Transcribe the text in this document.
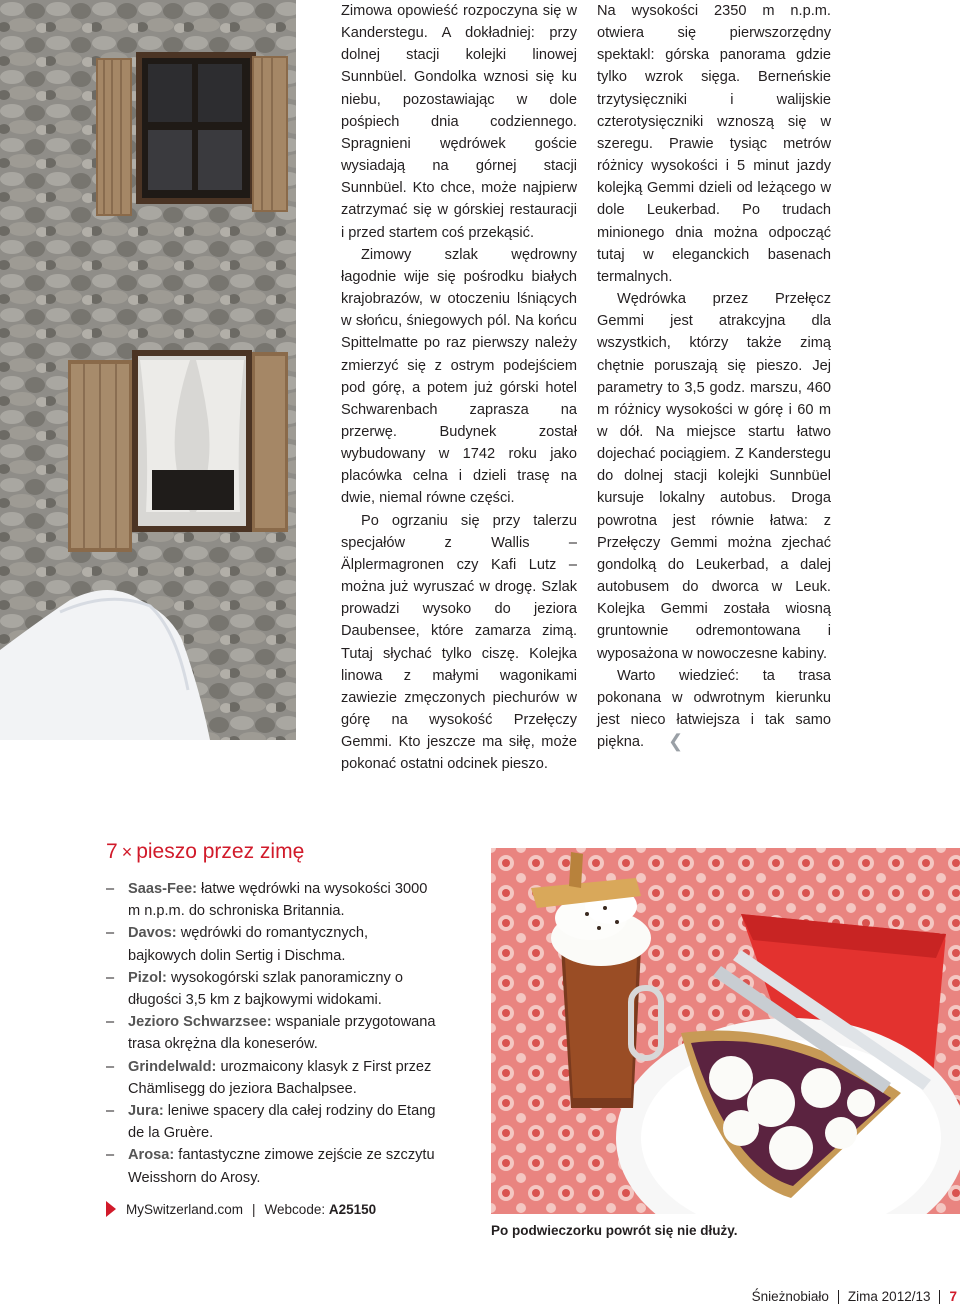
Zimowa opowieść rozpoczyna się w Kanderstegu. A dokładniej: przy dolnej stacji kolejki linowej Sunnbüel. Gondolka wznosi się ku niebu, pozostawiając w dole pośpiech dnia codziennego. Spragnieni wędrówek goście wysiadają na górnej stacji Sunnbüel. Kto chce, może najpierw zatrzymać się w górskiej restauracji i przed startem coś przekąsić.

Zimowy szlak wędrowny łagodnie wije się pośrodku białych krajobrazów, w otoczeniu lśniących w słońcu, śniegowych pól. Na końcu Spittelmatte po raz pierwszy należy zmierzyć się z ostrym podejściem pod górę, a potem już górski hotel Schwarenbach zaprasza na przerwę. Budynek został wybudowany w 1742 roku jako placówka celna i dzieli trasę na dwie, niemal równe części.

Po ogrzaniu się przy talerzu specjałów z Wallis – Älplermagronen czy Kafi Lutz – można już wyruszać w drogę. Szlak prowadzi wysoko do jeziora Daubensee, które zamarza zimą. Tutaj słychać tylko ciszę. Kolejka linowa z małymi wagonikami zawiezie zmęczonych piechurów w górę na wysokość Przełęczy Gemmi. Kto jeszcze ma siłę, może pokonać ostatni odcinek pieszo.

Na wysokości 2350 m n.p.m. otwiera się pierwszorzędny spektakl: górska panorama gdzie tylko wzrok sięga. Berneńskie trzytysięczniki i walijskie czterotysięczniki wznoszą się w szeregu. Prawie tysiąc metrów różnicy wysokości i 5 minut jazdy kolejką Gemmi dzieli od leżącego w dole Leukerbad. Po trudach minionego dnia można odpocząć tutaj w eleganckich basenach termalnych.

Wędrówka przez Przełęcz Gemmi jest atrakcyjna dla wszystkich, którzy także zimą chętnie poruszają się pieszo. Jej parametry to 3,5 godz. marszu, 460 m różnicy wysokości w górę i 60 m w dół. Na miejsce startu łatwo dojechać pociągiem. Z Kanderstegu do dolnej stacji kolejki Sunnbüel kursuje lokalny autobus. Droga powrotna jest równie łatwa: z Przełęczy Gemmi można zjechać gondolką do Leukerbad, a dalej autobusem do dworca w Leuk. Kolejka Gemmi została wiosną gruntownie odremontowana i wyposażona w nowoczesne kabiny.

Warto wiedzieć: ta trasa pokonana w odwrotnym kierunku jest nieco łatwiejsza i tak samo piękna. ❮

7 × pieszo przez zimę
– Saas-Fee: łatwe wędrówki na wysokości 3000 m n.p.m. do schroniska Britannia.
– Davos: wędrówki do romantycznych, bajkowych dolin Sertig i Dischma.
– Pizol: wysokogórski szlak panoramiczny o długości 3,5 km z bajkowymi widokami.
– Jezioro Schwarzsee: wspaniale przygotowana trasa okrężna dla koneserów.
– Grindelwald: urozmaicony klasyk z First przez Chämlisegg do jeziora Bachalpsee.
– Jura: leniwe spacery dla całej rodziny do Etang de la Gruère.
– Arosa: fantastyczne zimowe zejście ze szczytu Weisshorn do Arosy.
MySwitzerland.com | Webcode:
A25150
Po podwieczorku powrót się nie dłuży.
Śnieżnobiało Zima 2012/13 7
